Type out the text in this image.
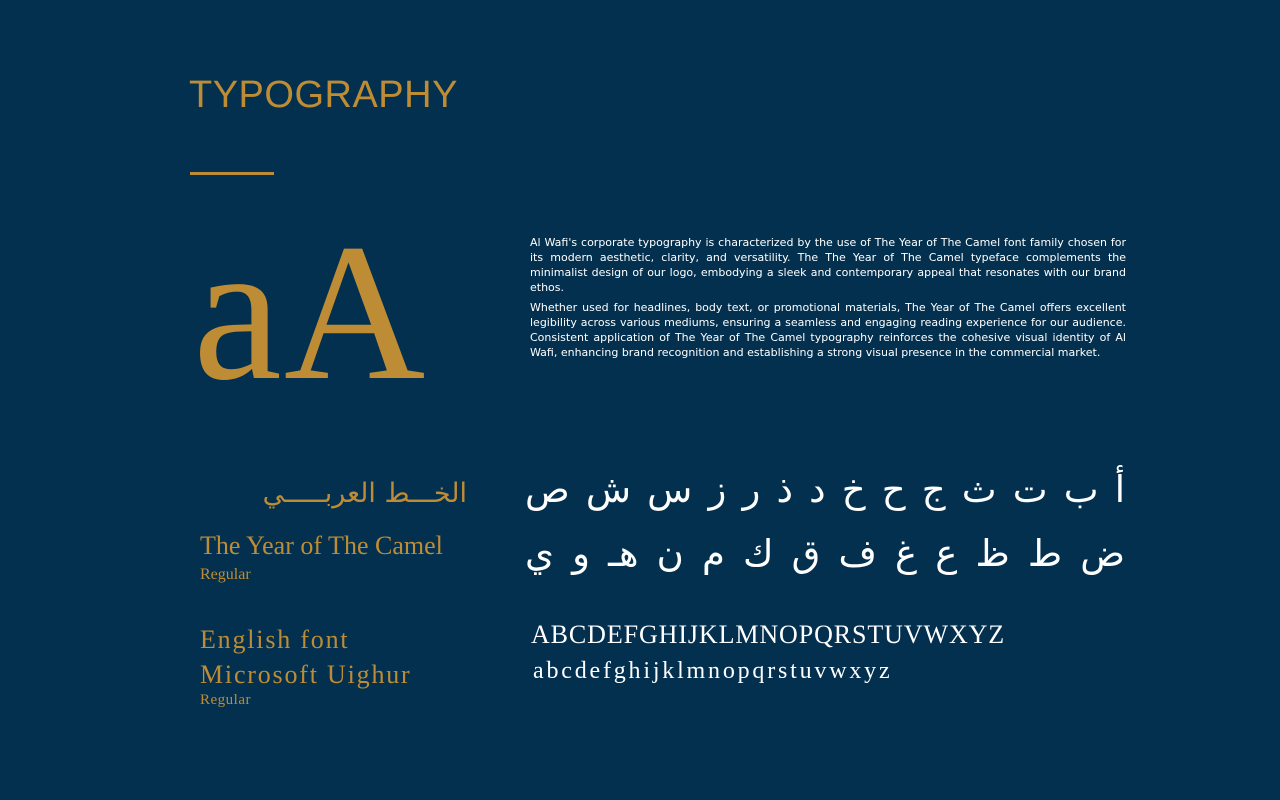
TYPOGRAPHY
aA	Al Wafi's corporate typography is characterized by the use of The Year of The Camel font family chosen for its modern aesthetic, clarity, and versatility. The The Year of The Camel typeface complements the minimalist design of our logo, embodying a sleek and contemporary appeal that resonates with our brand ethos.

Whether used for headlines, body text, or promotional materials, The Year of The Camel offers excellent legibility across various mediums, ensuring a seamless and engaging reading experience for our audience. Consistent application of The Year of The Camel typography reinforces the cohesive visual identity of Al Wafi, enhancing brand recognition and establishing a strong visual presence in the commercial market.

الخـــط العربـــــي
The Year of The Camel
Regular
English font
Microsoft Uighur
Regular
أ ب ت ث ج ح خ د ذ ر ز س ش ص
ض ط ظ ع غ ف ق ك م ن هـ و ي
ABCDEFGHIJKLMNOPQRSTUVWXYZ
abcdefghijklmnopqrstuvwxyz
